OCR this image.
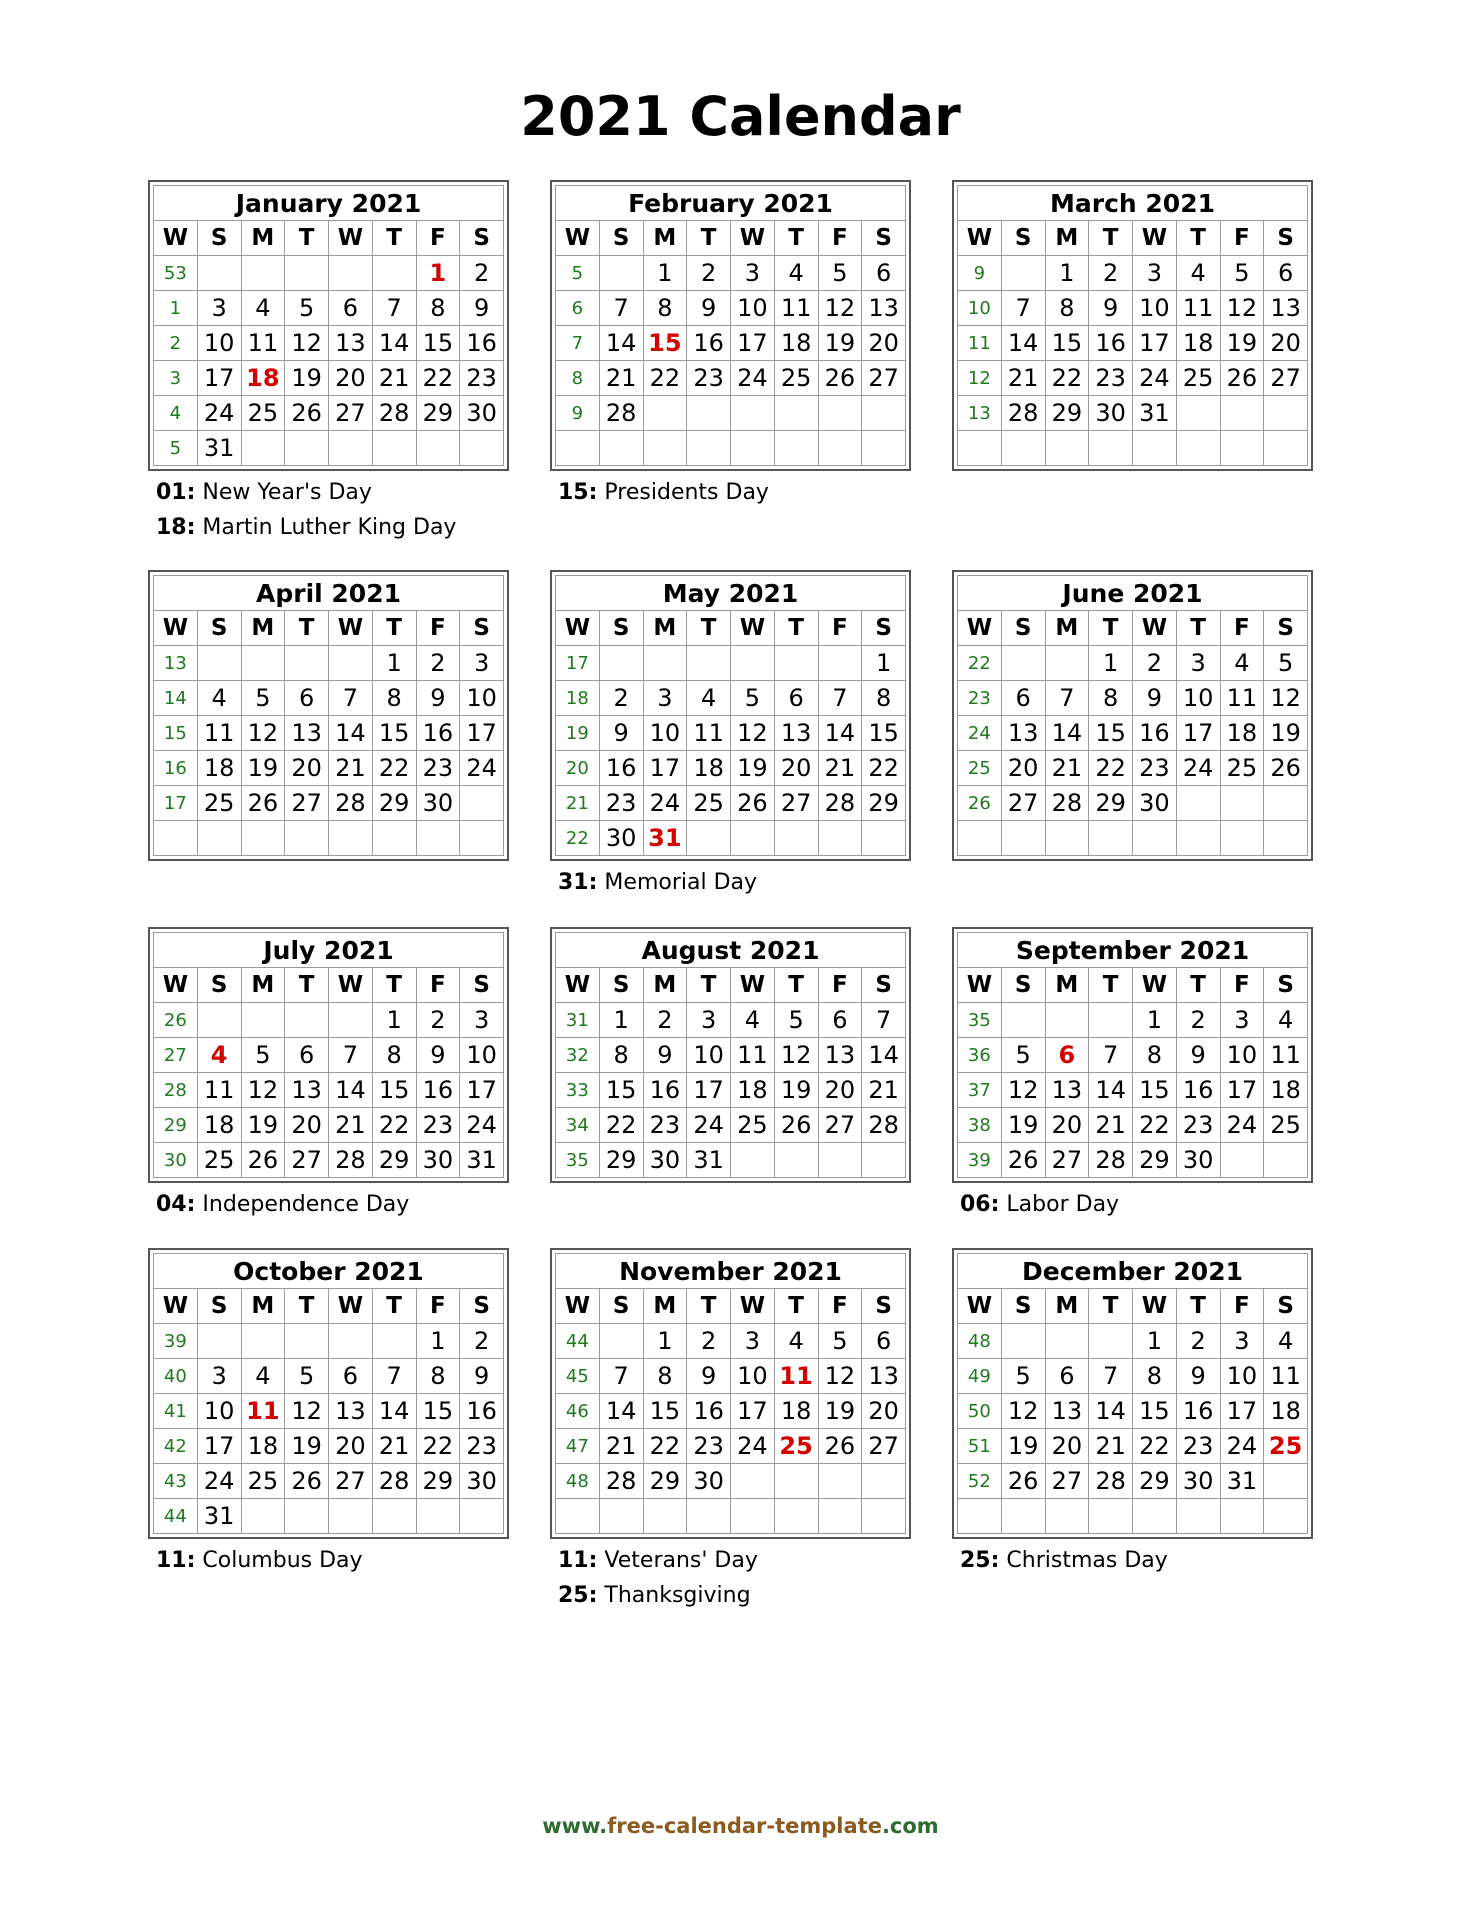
2021 Calendar
January 2021							
W	S	M	T	W	T	F	S
53						1	2
1	3	4	5	6	7	8	9
2	10	11	12	13	14	15	16
3	17	18	19	20	21	22	23
4	24	25	26	27	28	29	30
5	31						
01: New Year's Day
18: Martin Luther King Day
February 2021							
W	S	M	T	W	T	F	S
5		1	2	3	4	5	6
6	7	8	9	10	11	12	13
7	14	15	16	17	18	19	20
8	21	22	23	24	25	26	27
9	28						

15: Presidents Day
March 2021							
W	S	M	T	W	T	F	S
9		1	2	3	4	5	6
10	7	8	9	10	11	12	13
11	14	15	16	17	18	19	20
12	21	22	23	24	25	26	27
13	28	29	30	31			

April 2021							
W	S	M	T	W	T	F	S
13					1	2	3
14	4	5	6	7	8	9	10
15	11	12	13	14	15	16	17
16	18	19	20	21	22	23	24
17	25	26	27	28	29	30	

May 2021							
W	S	M	T	W	T	F	S
17							1
18	2	3	4	5	6	7	8
19	9	10	11	12	13	14	15
20	16	17	18	19	20	21	22
21	23	24	25	26	27	28	29
22	30	31					
31: Memorial Day
June 2021							
W	S	M	T	W	T	F	S
22			1	2	3	4	5
23	6	7	8	9	10	11	12
24	13	14	15	16	17	18	19
25	20	21	22	23	24	25	26
26	27	28	29	30			

July 2021							
W	S	M	T	W	T	F	S
26					1	2	3
27	4	5	6	7	8	9	10
28	11	12	13	14	15	16	17
29	18	19	20	21	22	23	24
30	25	26	27	28	29	30	31
04: Independence Day
August 2021							
W	S	M	T	W	T	F	S
31	1	2	3	4	5	6	7
32	8	9	10	11	12	13	14
33	15	16	17	18	19	20	21
34	22	23	24	25	26	27	28
35	29	30	31				
September 2021							
W	S	M	T	W	T	F	S
35				1	2	3	4
36	5	6	7	8	9	10	11
37	12	13	14	15	16	17	18
38	19	20	21	22	23	24	25
39	26	27	28	29	30		
06: Labor Day
October 2021							
W	S	M	T	W	T	F	S
39						1	2
40	3	4	5	6	7	8	9
41	10	11	12	13	14	15	16
42	17	18	19	20	21	22	23
43	24	25	26	27	28	29	30
44	31						
11: Columbus Day
November 2021							
W	S	M	T	W	T	F	S
44		1	2	3	4	5	6
45	7	8	9	10	11	12	13
46	14	15	16	17	18	19	20
47	21	22	23	24	25	26	27
48	28	29	30				

11: Veterans' Day
25: Thanksgiving
December 2021							
W	S	M	T	W	T	F	S
48				1	2	3	4
49	5	6	7	8	9	10	11
50	12	13	14	15	16	17	18
51	19	20	21	22	23	24	25
52	26	27	28	29	30	31	

25: Christmas Day
www.free-calendar-template.com
